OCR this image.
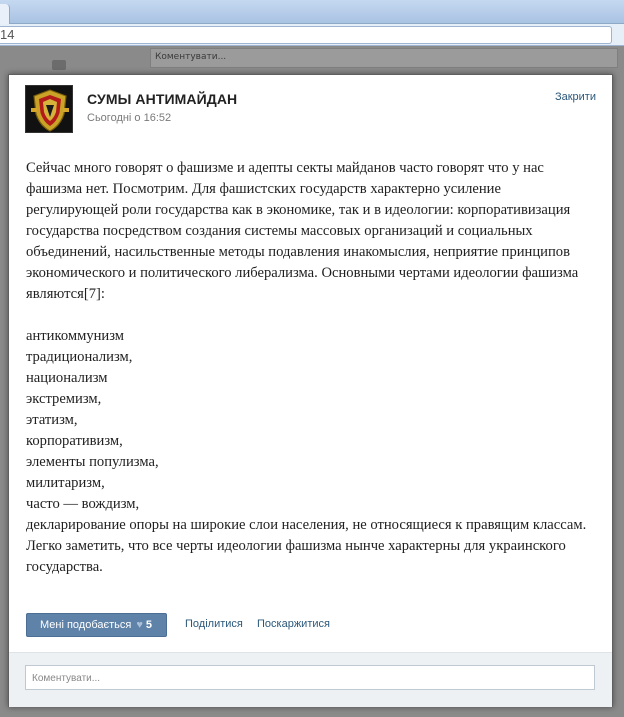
14
Коментувати...
СУМЫ АНТИМАЙДАН
Сьогодні о 16:52
Закрити

Сейчас много говорят о фашизме и адепты секты майданов часто говорят что у нас фашизма нет. Посмотрим. Для фашистских государств характерно усиление регулирующей роли государства как в экономике, так и в идеологии: корпоративизация государства посредством создания системы массовых организаций и социальных объединений, насильственные методы подавления инакомыслия, неприятие принципов экономического и политического либерализма. Основными чертами идеологии фашизма являются[7]:

антикоммунизм
традиционализм,
национализм
экстремизм,
этатизм,
корпоративизм,
элементы популизма,
милитаризм,
часто — вождизм,
декларирование опоры на широкие слои населения, не относящиеся к правящим классам.
Легко заметить, что все черты идеологии фашизма нынче характерны для украинского государства.
Мені подобається ♥ 5	Поділитися Поскаржитися
Коментувати...
